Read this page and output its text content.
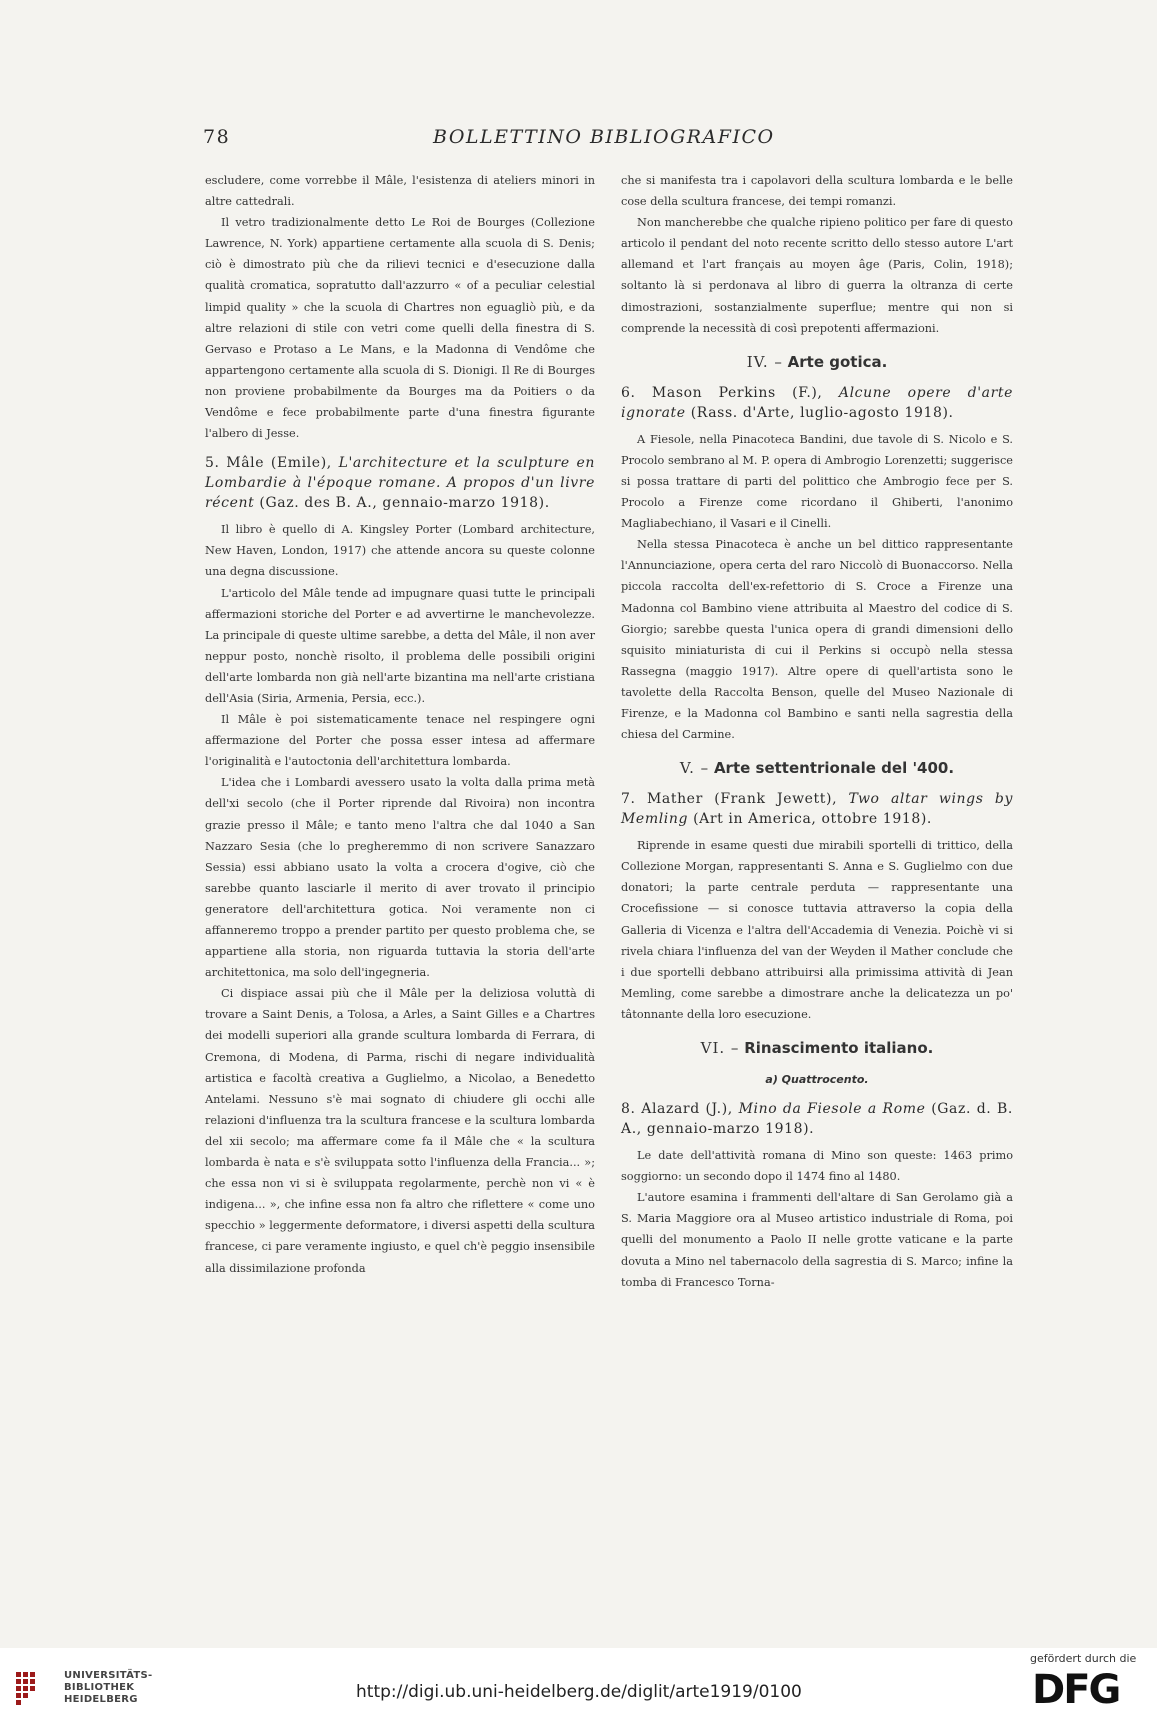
78	BOLLETTINO BIBLIOGRAFICO

escludere, come vorrebbe il Mâle, l'esistenza di ateliers minori in altre cattedrali.

Il vetro tradizionalmente detto Le Roi de Bourges (Collezione Lawrence, N. York) appartiene certamente alla scuola di S. Denis; ciò è dimostrato più che da rilievi tecnici e d'esecuzione dalla qualità cromatica, sopratutto dall'azzurro « of a peculiar celestial limpid quality » che la scuola di Chartres non eguagliò più, e da altre relazioni di stile con vetri come quelli della finestra di S. Gervaso e Protaso a Le Mans, e la Madonna di Vendôme che appartengono certamente alla scuola di S. Dionigi. Il Re di Bourges non proviene probabilmente da Bourges ma da Poitiers o da Vendôme e fece probabilmente parte d'una finestra figurante l'albero di Jesse.

5. Mâle (Emile), L'architecture et la sculpture en Lombardie à l'époque romane. A propos d'un livre récent (Gaz. des B. A., gennaio-marzo 1918).

Il libro è quello di A. Kingsley Porter (Lombard architecture, New Haven, London, 1917) che attende ancora su queste colonne una degna discussione.

L'articolo del Mâle tende ad impugnare quasi tutte le principali affermazioni storiche del Porter e ad avvertirne le manchevolezze. La principale di queste ultime sarebbe, a detta del Mâle, il non aver neppur posto, nonchè risolto, il problema delle possibili origini dell'arte lombarda non già nell'arte bizantina ma nell'arte cristiana dell'Asia (Siria, Armenia, Persia, ecc.).

Il Mâle è poi sistematicamente tenace nel respingere ogni affermazione del Porter che possa esser intesa ad affermare l'originalità e l'autoctonia dell'architettura lombarda.

L'idea che i Lombardi avessero usato la volta dalla prima metà dell'xi secolo (che il Porter riprende dal Rivoira) non incontra grazie presso il Mâle; e tanto meno l'altra che dal 1040 a San Nazzaro Sesia (che lo pregheremmo di non scrivere Sanazzaro Sessia) essi abbiano usato la volta a crocera d'ogive, ciò che sarebbe quanto lasciarle il merito di aver trovato il principio generatore dell'architettura gotica. Noi veramente non ci affanneremo troppo a prender partito per questo problema che, se appartiene alla storia, non riguarda tuttavia la storia dell'arte architettonica, ma solo dell'ingegneria.

Ci dispiace assai più che il Mâle per la deliziosa voluttà di trovare a Saint Denis, a Tolosa, a Arles, a Saint Gilles e a Chartres dei modelli superiori alla grande scultura lombarda di Ferrara, di Cremona, di Modena, di Parma, rischi di negare individualità artistica e facoltà creativa a Guglielmo, a Nicolao, a Benedetto Antelami. Nessuno s'è mai sognato di chiudere gli occhi alle relazioni d'influenza tra la scultura francese e la scultura lombarda del xii secolo; ma affermare come fa il Mâle che « la scultura lombarda è nata e s'è sviluppata sotto l'influenza della Francia... »; che essa non vi si è sviluppata regolarmente, perchè non vi « è indigena... », che infine essa non fa altro che riflettere « come uno specchio » leggermente deformatore, i diversi aspetti della scultura francese, ci pare veramente ingiusto, e quel ch'è peggio insensibile alla dissimilazione profonda

che si manifesta tra i capolavori della scultura lombarda e le belle cose della scultura francese, dei tempi romanzi.

Non mancherebbe che qualche ripieno politico per fare di questo articolo il pendant del noto recente scritto dello stesso autore L'art allemand et l'art français au moyen âge (Paris, Colin, 1918); soltanto là si perdonava al libro di guerra la oltranza di certe dimostrazioni, sostanzialmente superflue; mentre qui non si comprende la necessità di così prepotenti affermazioni.

IV. – Arte gotica.

6. Mason Perkins (F.), Alcune opere d'arte ignorate (Rass. d'Arte, luglio-agosto 1918).

A Fiesole, nella Pinacoteca Bandini, due tavole di S. Nicolo e S. Procolo sembrano al M. P. opera di Ambrogio Lorenzetti; suggerisce si possa trattare di parti del polittico che Ambrogio fece per S. Procolo a Firenze come ricordano il Ghiberti, l'anonimo Magliabechiano, il Vasari e il Cinelli.

Nella stessa Pinacoteca è anche un bel dittico rappresentante l'Annunciazione, opera certa del raro Niccolò di Buonaccorso. Nella piccola raccolta dell'ex-refettorio di S. Croce a Firenze una Madonna col Bambino viene attribuita al Maestro del codice di S. Giorgio; sarebbe questa l'unica opera di grandi dimensioni dello squisito miniaturista di cui il Perkins si occupò nella stessa Rassegna (maggio 1917). Altre opere di quell'artista sono le tavolette della Raccolta Benson, quelle del Museo Nazionale di Firenze, e la Madonna col Bambino e santi nella sagrestia della chiesa del Carmine.

V. – Arte settentrionale del '400.

7. Mather (Frank Jewett), Two altar wings by Memling (Art in America, ottobre 1918).

Riprende in esame questi due mirabili sportelli di trittico, della Collezione Morgan, rappresentanti S. Anna e S. Guglielmo con due donatori; la parte centrale perduta — rappresentante una Crocefissione — si conosce tuttavia attraverso la copia della Galleria di Vicenza e l'altra dell'Accademia di Venezia. Poichè vi si rivela chiara l'influenza del van der Weyden il Mather conclude che i due sportelli debbano attribuirsi alla primissima attività di Jean Memling, come sarebbe a dimostrare anche la delicatezza un po' tâtonnante della loro esecuzione.

VI. – Rinascimento italiano.

a) Quattrocento.

8. Alazard (J.), Mino da Fiesole a Rome (Gaz. d. B. A., gennaio-marzo 1918).

Le date dell'attività romana di Mino son queste: 1463 primo soggiorno: un secondo dopo il 1474 fino al 1480.

L'autore esamina i frammenti dell'altare di San Gerolamo già a S. Maria Maggiore ora al Museo artistico industriale di Roma, poi quelli del monumento a Paolo II nelle grotte vaticane e la parte dovuta a Mino nel tabernacolo della sagrestia di S. Marco; infine la tomba di Francesco Torna-

UNIVERSITÄTS-
BIBLIOTHEK
HEIDELBERG	http://digi.ub.uni-heidelberg.de/diglit/arte1919/0100
gefördert durch die
DFG
